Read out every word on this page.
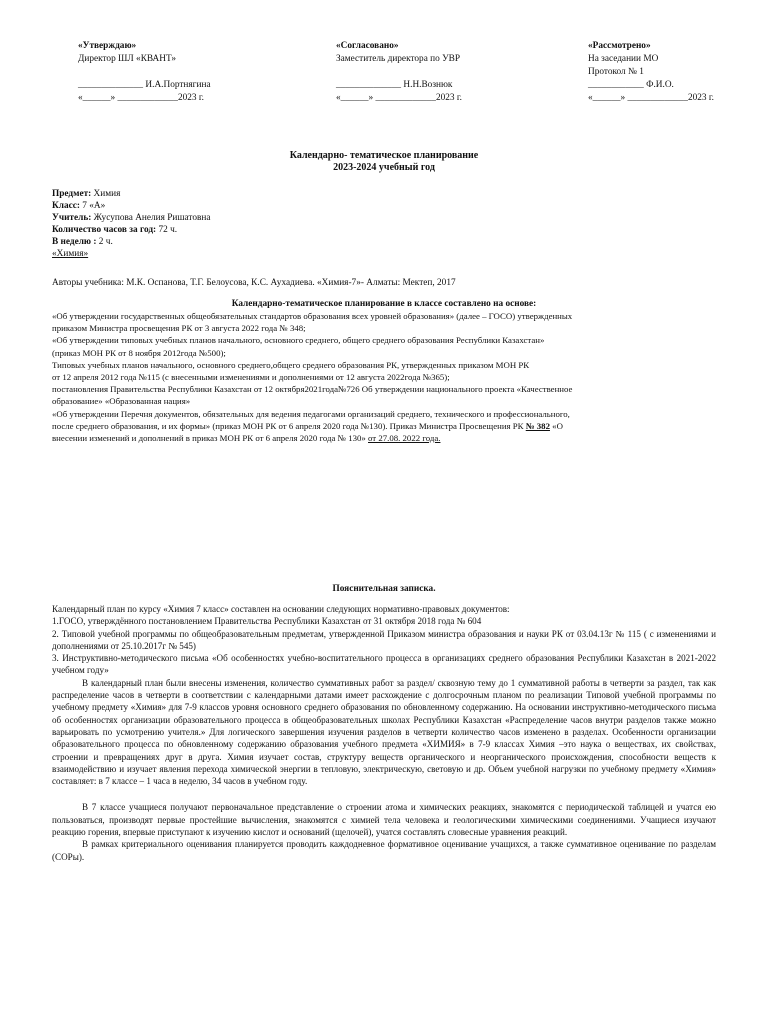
«Утверждаю»
Директор ШЛ «КВАНТ»
______________ И.А.Портнягина
«______» _____________2023 г.
«Согласовано»
Заместитель директора по УВР
______________ Н.Н.Вознюк
«______» _____________2023 г.
«Рассмотрено»
На заседании МО
Протокол № 1
____________ Ф.И.О.
«______» _____________2023 г.
Календарно- тематическое планирование
2023-2024 учебный год
Предмет: Химия
Класс: 7 «А»
Учитель: Жусупова Анелия Ришатовна
Количество часов за год: 72 ч.
В неделю : 2 ч.
«Химия»
Авторы учебника: М.К. Оспанова, Т.Г. Белоусова, К.С. Аухадиева. «Химия-7»- Алматы: Мектеп, 2017
Календарно-тематическое планирование в классе составлено на основе:
«Об утверждении государственных общеобязательных стандартов образования всех уровней образования» (далее – ГОСО) утвержденных
приказом Министра просвещения РК от 3 августа 2022 года № 348;
«Об утверждении типовых учебных планов начального, основного среднего, общего среднего образования Республики Казахстан»
(приказ МОН РК от 8 ноября 2012года №500);
Типовых учебных планов начального, основного среднего,общего среднего образования РК, утвержденных приказом МОН РК
от 12 апреля 2012 года №115 (с внесенными изменениями и дополнениями от 12 августа 2022года №365);
постановления Правительства Республики Казахстан от 12 октября2021года№726 Об утверждении национального проекта «Качественное
образование» «Образованная нация»
«Об утверждении Перечня документов, обязательных для ведения педагогами организаций среднего, технического и профессионального,
после среднего образования, и их формы» (приказ МОН РК от 6 апреля 2020 года №130). Приказ Министра Просвещения РК № 382 «О
внесении изменений и дополнений в приказ МОН РК от 6 апреля 2020 года № 130» от 27.08. 2022 года.
Пояснительная записка.
Календарный план по курсу «Химия 7 класс» составлен на основании следующих нормативно-правовых документов:
1.ГОСО, утверждённого постановлением Правительства Республики Казахстан от 31 октября 2018 года № 604
2. Типовой учебной программы по общеобразовательным предметам, утвержденной Приказом министра образования и науки РК от 03.04.13г № 115 ( с изменениями и дополнениями от 25.10.2017г № 545)
3. Инструктивно-методического письма «Об особенностях учебно-воспитательного процесса в организациях среднего образования Республики Казахстан в 2021-2022 учебном году»
В календарный план были внесены изменения, количество суммативных работ за раздел/ сквозную тему до 1 суммативной работы в четверти за раздел, так как распределение часов в четверти в соответствии с календарными датами имеет расхождение с долгосрочным планом по реализации Типовой учебной программы по учебному предмету «Химия» для 7-9 классов уровня основного среднего образования по обновленному содержанию. На основании инструктивно-методического письма об особенностях организации образовательного процесса в общеобразовательных школах Республики Казахстан «Распределение часов внутри разделов также можно варьировать по усмотрению учителя.» Для логического завершения изучения разделов в четверти количество часов изменено в разделах. Особенности организации образовательного процесса по обновленному содержанию образования учебного предмета «ХИМИЯ» в 7-9 классах Химия –это наука о веществах, их свойствах, строении и превращениях друг в друга. Химия изучает состав, структуру веществ органического и неорганического происхождения, способности веществ к взаимодействию и изучает явления перехода химической энергии в тепловую, электрическую, световую и др. Объем учебной нагрузки по учебному предмету «Химия» составляет: в 7 классе – 1 часа в неделю, 34 часов в учебном году.
В 7 классе учащиеся получают первоначальное представление о строении атома и химических реакциях, знакомятся с периодической таблицей и учатся ею пользоваться, производят первые простейшие вычисления, знакомятся с химией тела человека и геологическими химическими соединениями. Учащиеся изучают реакцию горения, впервые приступают к изучению кислот и оснований (щелочей), учатся составлять словесные уравнения реакций.
В рамках критериального оценивания планируется проводить каждодневное формативное оценивание учащихся, а также суммативное оценивание по разделам (СОРы).
